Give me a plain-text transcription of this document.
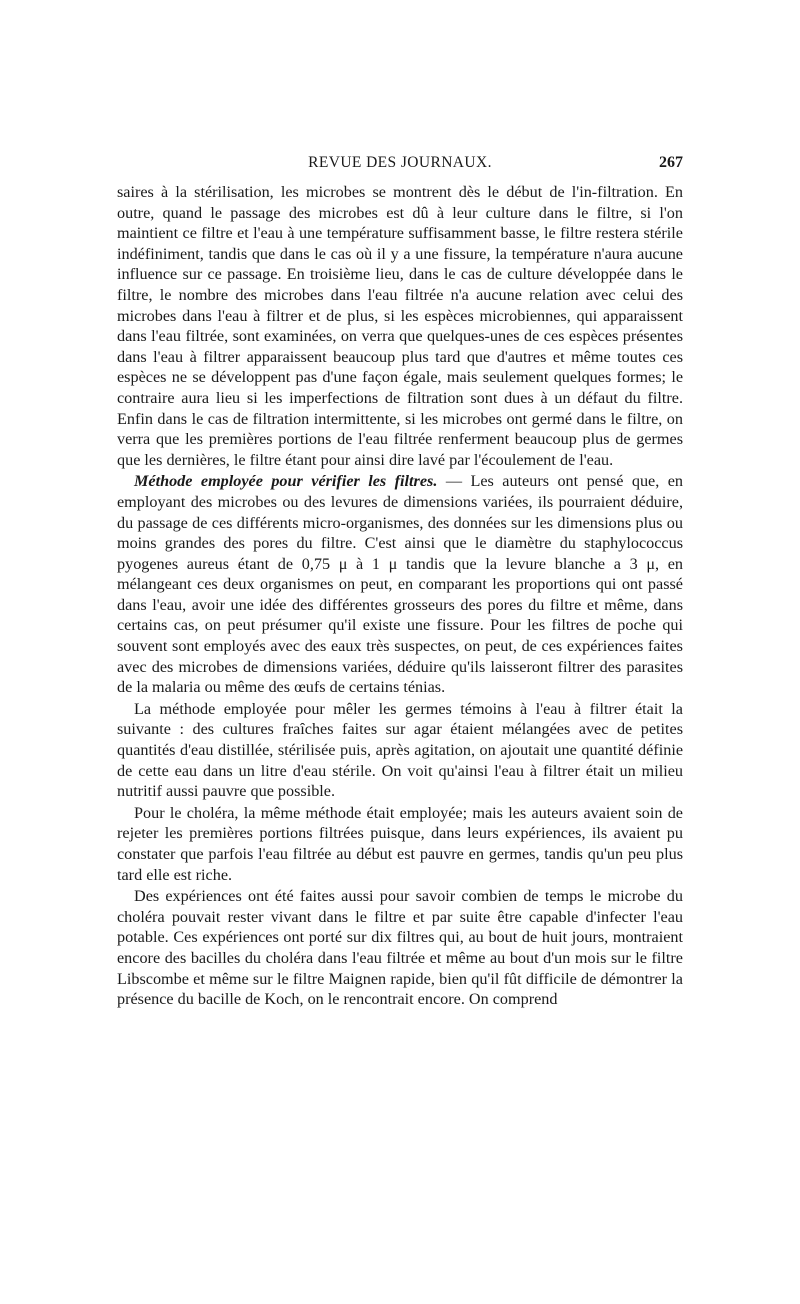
REVUE DES JOURNAUX.	267

saires à la stérilisation, les microbes se montrent dès le début de l'in-filtration. En outre, quand le passage des microbes est dû à leur culture dans le filtre, si l'on maintient ce filtre et l'eau à une température suffisamment basse, le filtre restera stérile indéfiniment, tandis que dans le cas où il y a une fissure, la température n'aura aucune influence sur ce passage. En troisième lieu, dans le cas de culture développée dans le filtre, le nombre des microbes dans l'eau filtrée n'a aucune relation avec celui des microbes dans l'eau à filtrer et de plus, si les espèces microbiennes, qui apparaissent dans l'eau filtrée, sont examinées, on verra que quelques-unes de ces espèces présentes dans l'eau à filtrer apparaissent beaucoup plus tard que d'autres et même toutes ces espèces ne se développent pas d'une façon égale, mais seulement quelques formes; le contraire aura lieu si les imperfections de filtration sont dues à un défaut du filtre. Enfin dans le cas de filtration intermittente, si les microbes ont germé dans le filtre, on verra que les premières portions de l'eau filtrée renferment beaucoup plus de germes que les dernières, le filtre étant pour ainsi dire lavé par l'écoulement de l'eau.

Méthode employée pour vérifier les filtres. — Les auteurs ont pensé que, en employant des microbes ou des levures de dimensions variées, ils pourraient déduire, du passage de ces différents micro-organismes, des données sur les dimensions plus ou moins grandes des pores du filtre. C'est ainsi que le diamètre du staphylococcus pyogenes aureus étant de 0,75 μ à 1 μ tandis que la levure blanche a 3 μ, en mélangeant ces deux organismes on peut, en comparant les proportions qui ont passé dans l'eau, avoir une idée des différentes grosseurs des pores du filtre et même, dans certains cas, on peut présumer qu'il existe une fissure. Pour les filtres de poche qui souvent sont employés avec des eaux très suspectes, on peut, de ces expériences faites avec des microbes de dimensions variées, déduire qu'ils laisseront filtrer des parasites de la malaria ou même des œufs de certains ténias.

La méthode employée pour mêler les germes témoins à l'eau à filtrer était la suivante : des cultures fraîches faites sur agar étaient mélangées avec de petites quantités d'eau distillée, stérilisée puis, après agitation, on ajoutait une quantité définie de cette eau dans un litre d'eau stérile. On voit qu'ainsi l'eau à filtrer était un milieu nutritif aussi pauvre que possible.

Pour le choléra, la même méthode était employée; mais les auteurs avaient soin de rejeter les premières portions filtrées puisque, dans leurs expériences, ils avaient pu constater que parfois l'eau filtrée au début est pauvre en germes, tandis qu'un peu plus tard elle est riche.

Des expériences ont été faites aussi pour savoir combien de temps le microbe du choléra pouvait rester vivant dans le filtre et par suite être capable d'infecter l'eau potable. Ces expériences ont porté sur dix filtres qui, au bout de huit jours, montraient encore des bacilles du choléra dans l'eau filtrée et même au bout d'un mois sur le filtre Libscombe et même sur le filtre Maignen rapide, bien qu'il fût difficile de démontrer la présence du bacille de Koch, on le rencontrait encore. On comprend
